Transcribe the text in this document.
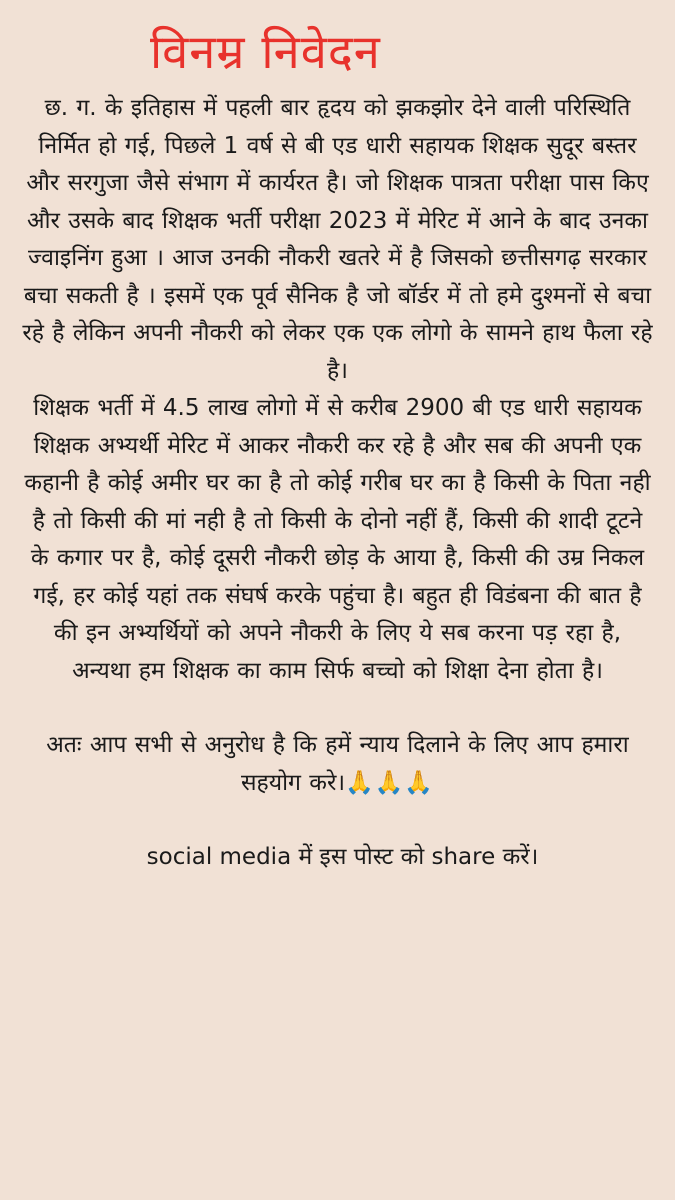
विनम्र निवेदन

छ. ग. के इतिहास में पहली बार हृदय को झकझोर देने वाली परिस्थिति निर्मित हो गई, पिछले 1 वर्ष से बी एड धारी सहायक शिक्षक सुदूर बस्तर और सरगुजा जैसे संभाग में कार्यरत है। जो शिक्षक पात्रता परीक्षा पास किए और उसके बाद शिक्षक भर्ती परीक्षा 2023 में मेरिट में आने के बाद उनका ज्वाइनिंग हुआ । आज उनकी नौकरी खतरे में है जिसको छत्तीसगढ़ सरकार बचा सकती है । इसमें एक पूर्व सैनिक है जो बॉर्डर में तो हमे दुश्मनों से बचा रहे है लेकिन अपनी नौकरी को लेकर एक एक लोगो के सामने हाथ फैला रहे है।

शिक्षक भर्ती में 4.5 लाख लोगो में से करीब 2900 बी एड धारी सहायक शिक्षक अभ्यर्थी मेरिट में आकर नौकरी कर रहे है और सब की अपनी एक कहानी है कोई अमीर घर का है तो कोई गरीब घर का है किसी के पिता नही है तो किसी की मां नही है तो किसी के दोनो नहीं हैं, किसी की शादी टूटने के कगार पर है, कोई दूसरी नौकरी छोड़ के आया है, किसी की उम्र निकल गई, हर कोई यहां तक संघर्ष करके पहुंचा है। बहुत ही विडंबना की बात है की इन अभ्यर्थियों को अपने नौकरी के लिए ये सब करना पड़ रहा है, अन्यथा हम शिक्षक का काम सिर्फ बच्चो को शिक्षा देना होता है।

अतः आप सभी से अनुरोध है कि हमें न्याय दिलाने के लिए आप हमारा सहयोग करे।🙏🙏🙏

social media में इस पोस्ट को share करें।
